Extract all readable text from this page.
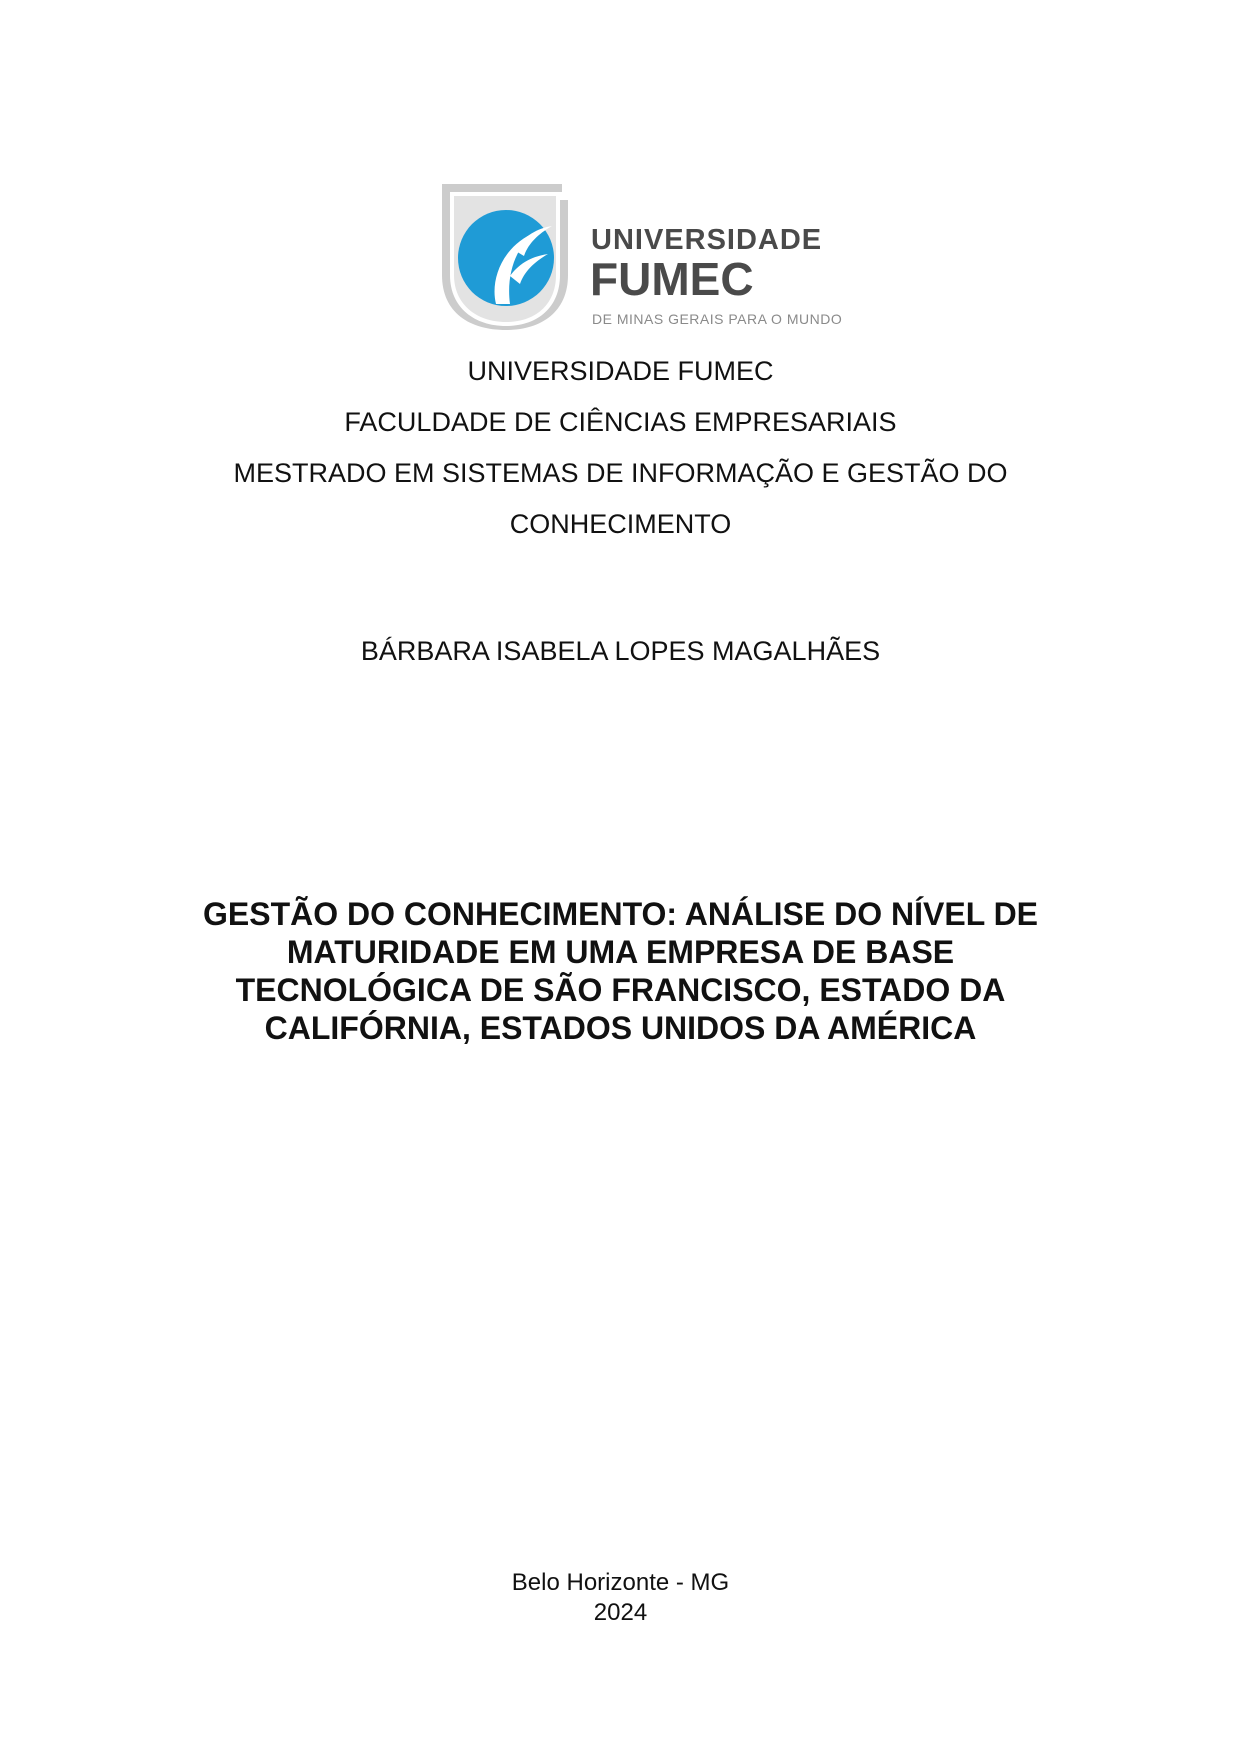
UNIVERSIDADE
FUMEC
DE MINAS GERAIS PARA O MUNDO
UNIVERSIDADE FUMEC
FACULDADE DE CIÊNCIAS EMPRESARIAIS
MESTRADO EM SISTEMAS DE INFORMAÇÃO E GESTÃO DO
CONHECIMENTO
BÁRBARA ISABELA LOPES MAGALHÃES
GESTÃO DO CONHECIMENTO: ANÁLISE DO NÍVEL DE
MATURIDADE EM UMA EMPRESA DE BASE
TECNOLÓGICA DE SÃO FRANCISCO, ESTADO DA
CALIFÓRNIA, ESTADOS UNIDOS DA AMÉRICA
Belo Horizonte - MG
2024
